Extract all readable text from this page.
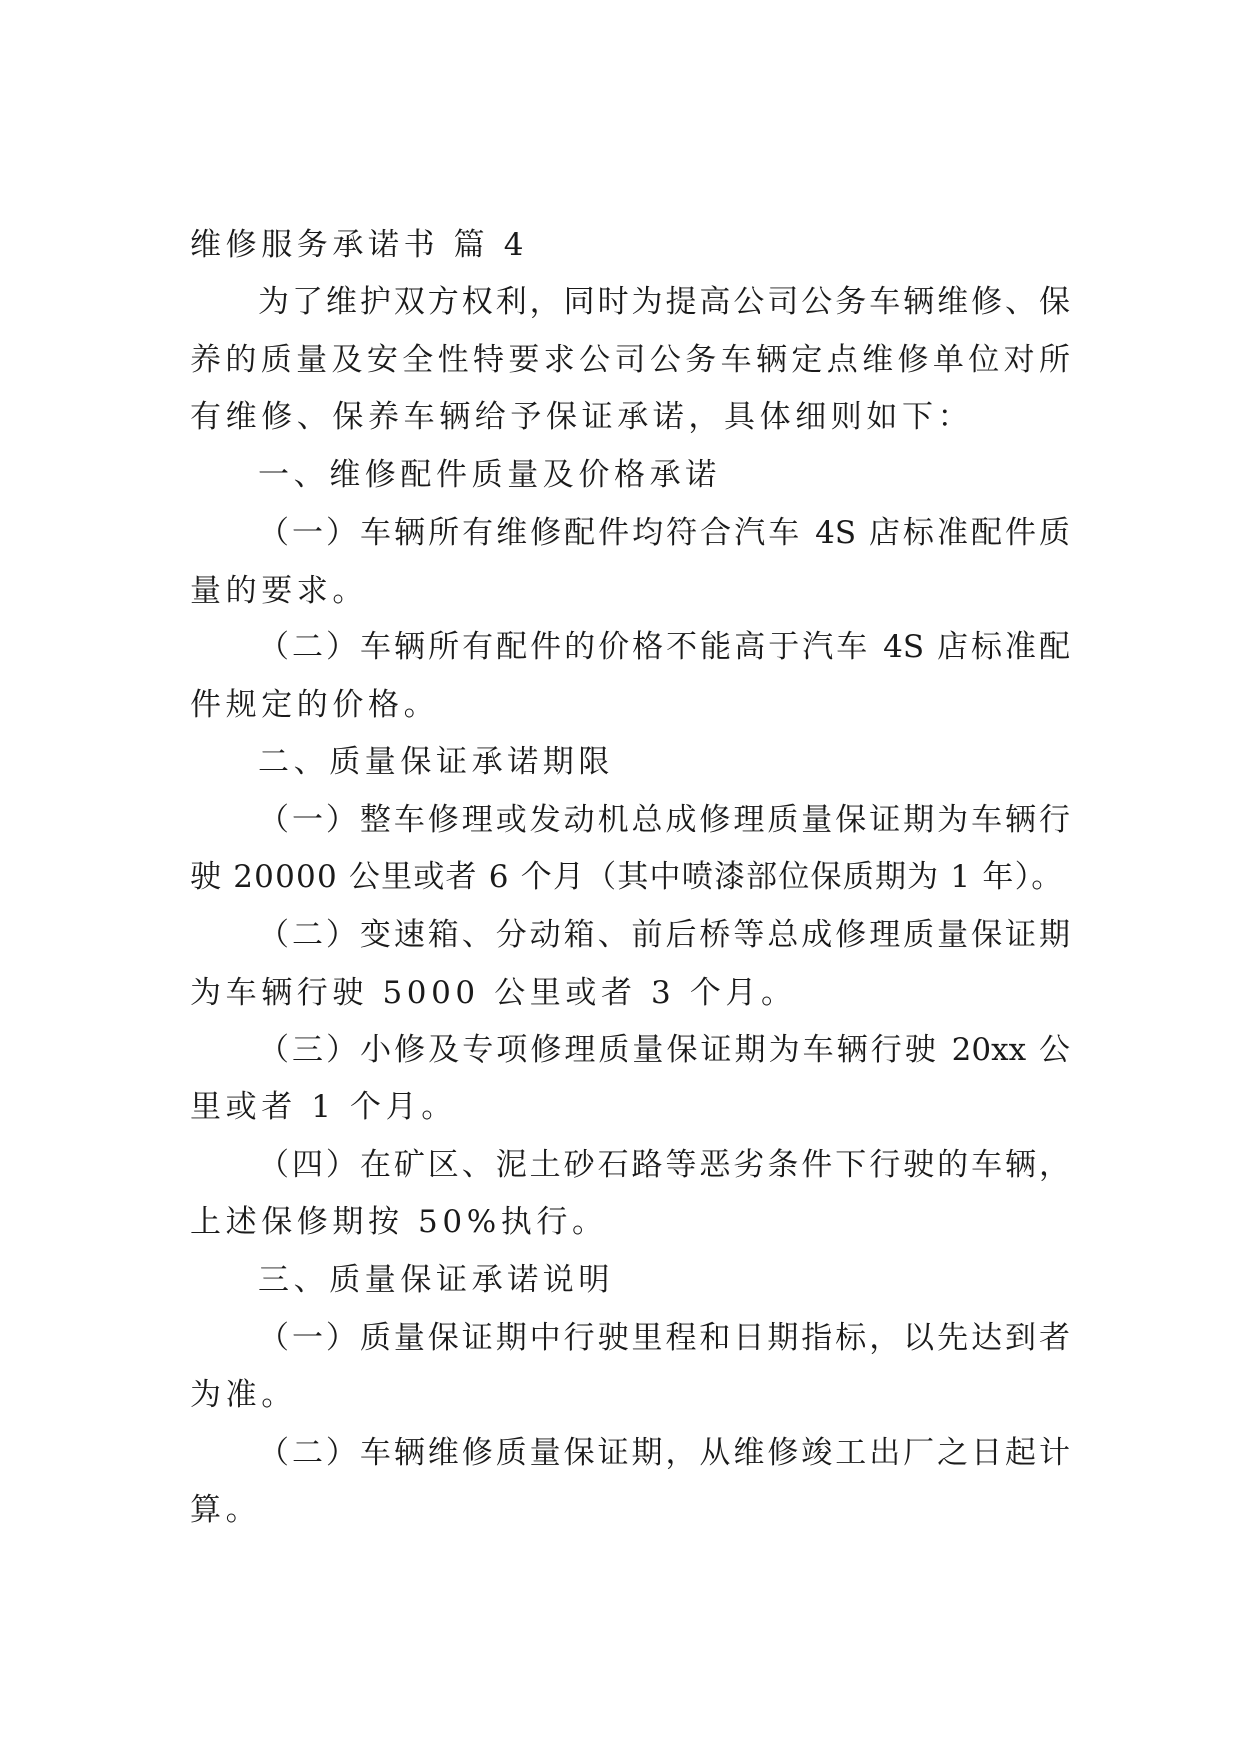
维修服务承诺书 篇 4
为了维护双方权利，同时为提高公司公务车辆维修、保
养的质量及安全性特要求公司公务车辆定点维修单位对所
有维修、保养车辆给予保证承诺，具体细则如下：
一、维修配件质量及价格承诺
（一）车辆所有维修配件均符合汽车 4S 店标准配件质
量的要求。
（二）车辆所有配件的价格不能高于汽车 4S 店标准配
件规定的价格。
二、质量保证承诺期限
（一）整车修理或发动机总成修理质量保证期为车辆行
驶 20000 公里或者 6 个月（其中喷漆部位保质期为 1 年）。
（二）变速箱、分动箱、前后桥等总成修理质量保证期
为车辆行驶 5000 公里或者 3 个月。
（三）小修及专项修理质量保证期为车辆行驶 20xx 公
里或者 1 个月。
（四）在矿区、泥土砂石路等恶劣条件下行驶的车辆，
上述保修期按 50%执行。
三、质量保证承诺说明
（一）质量保证期中行驶里程和日期指标，以先达到者
为准。
（二）车辆维修质量保证期，从维修竣工出厂之日起计
算。
